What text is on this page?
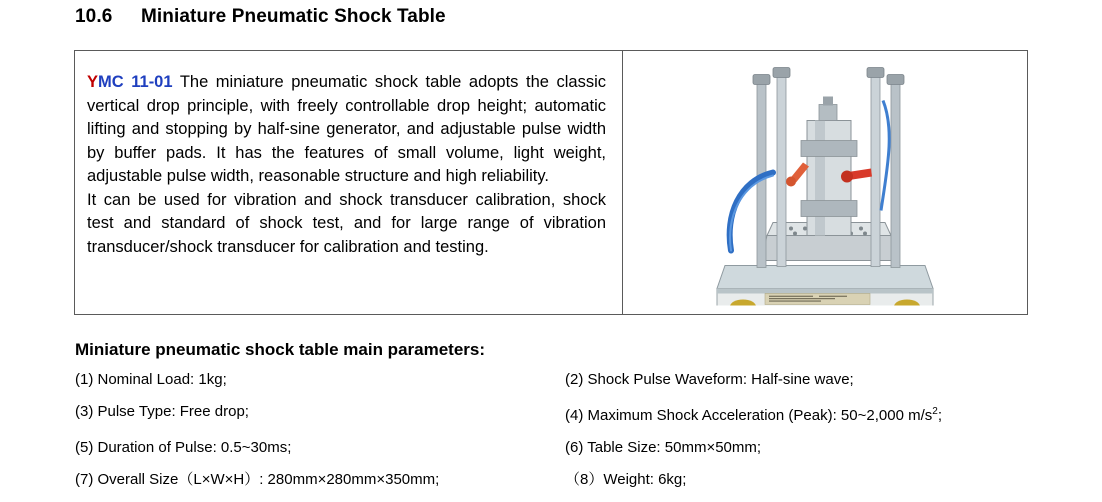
10.6	Miniature Pneumatic Shock Table

YMC 11-01 The miniature pneumatic shock table adopts the classic vertical drop principle, with freely controllable drop height; automatic lifting and stopping by half-sine generator, and adjustable pulse width by buffer pads. It has the features of small volume, light weight, adjustable pulse width, reasonable structure and high reliability.

It can be used for vibration and shock transducer calibration, shock test and standard of shock test, and for large range of vibration transducer/shock transducer for calibration and testing.

Miniature pneumatic shock table main parameters:
(1) Nominal Load: 1kg;	(2) Shock Pulse Waveform: Half-sine wave;
(3) Pulse Type: Free drop;	(4) Maximum Shock Acceleration (Peak): 50~2,000 $m/s^2$;
(5) Duration of Pulse: 0.5~30ms;	(6) Table Size: 50mm×50mm;
(7) Overall Size（L×W×H）: 280mm×280mm×350mm;	（8）Weight: 6kg;
